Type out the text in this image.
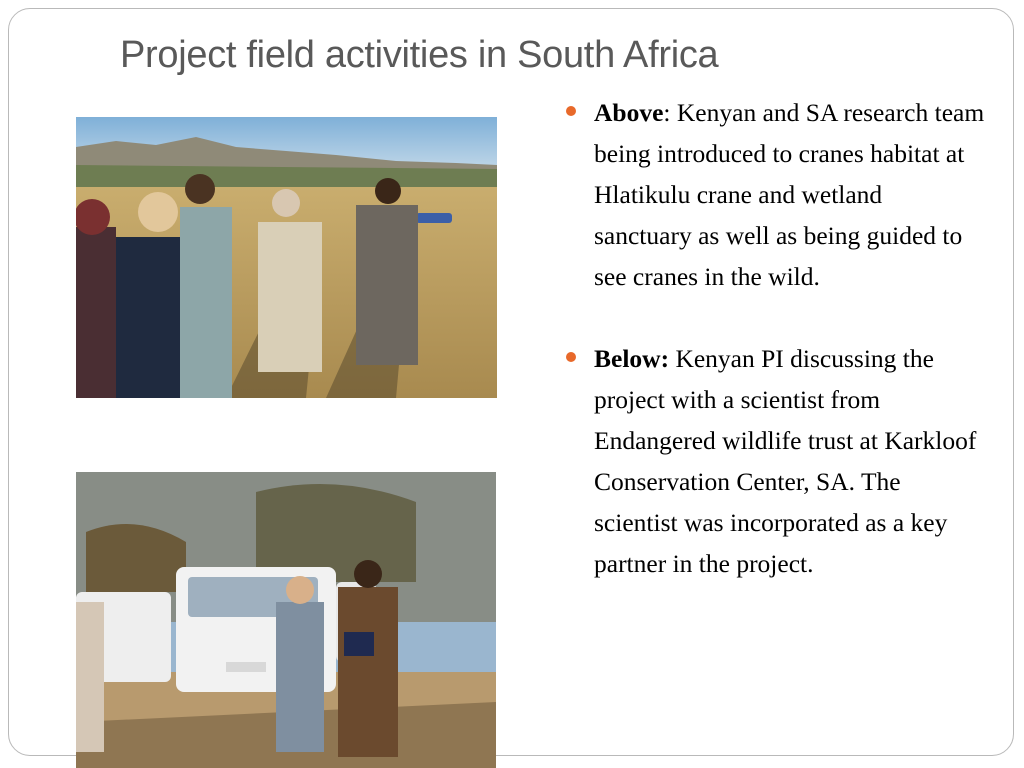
Project field activities in South Africa

Above: Kenyan and SA research team being introduced to cranes habitat at Hlatikulu crane and wetland sanctuary as well as being guided to see cranes in the wild.

Below: Kenyan PI discussing the project with a scientist from Endangered wildlife trust at Karkloof Conservation Center, SA. The scientist was incorporated as a key partner in the project.
